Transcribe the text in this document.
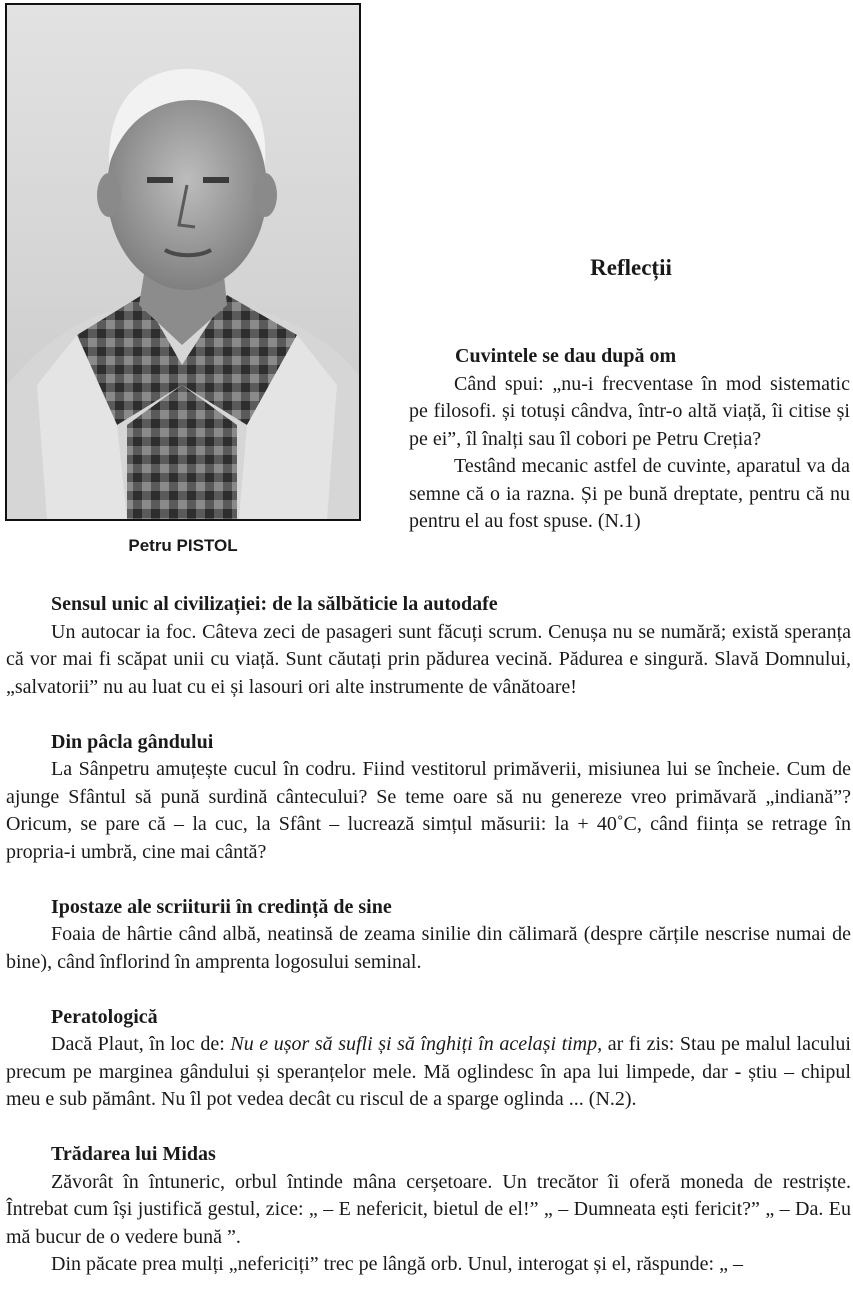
Petru PISTOL
Reflecții
Cuvintele se dau după om

Când spui: „nu-i frecventase în mod sistematic pe filosofi. și totuși cândva, într-o altă viață, îi citise și pe ei”, îl înalți sau îl cobori pe Petru Creția?

Testând mecanic astfel de cuvinte, aparatul va da semne că o ia razna. Și pe bună dreptate, pentru că nu pentru el au fost spuse. (N.1)

Sensul unic al civilizației: de la sălbăticie la autodafe

Un autocar ia foc. Câteva zeci de pasageri sunt făcuți scrum. Cenușa nu se numără; există speranța că vor mai fi scăpat unii cu viață. Sunt căutați prin pădurea vecină. Pădurea e singură. Slavă Domnului, „salvatorii” nu au luat cu ei și lasouri ori alte instrumente de vânătoare!

Din pâcla gândului

La Sânpetru amuțește cucul în codru. Fiind vestitorul primăverii, misiunea lui se încheie. Cum de ajunge Sfântul să pună surdină cântecului? Se teme oare să nu genereze vreo primăvară „indiană”? Oricum, se pare că – la cuc, la Sfânt – lucrează simțul măsurii: la + 40˚C, când ființa se retrage în propria-i umbră, cine mai cântă?

Ipostaze ale scriiturii în credință de sine

Foaia de hârtie când albă, neatinsă de zeama sinilie din călimară (despre cărțile nescrise numai de bine), când înflorind în amprenta logosului seminal.

Peratologică

Dacă Plaut, în loc de: Nu e ușor să sufli și să înghiți în același timp, ar fi zis: Stau pe malul lacului precum pe marginea gândului și speranțelor mele. Mă oglindesc în apa lui limpede, dar - știu – chipul meu e sub pământ. Nu îl pot vedea decât cu riscul de a sparge oglinda ... (N.2).

Trădarea lui Midas

Zăvorât în întuneric, orbul întinde mâna cerșetoare. Un trecător îi oferă moneda de restriște. Întrebat cum își justifică gestul, zice: „ – E nefericit, bietul de el!” „ – Dumneata ești fericit?” „ – Da. Eu mă bucur de o vedere bună ”.

Din păcate prea mulți „nefericiți” trec pe lângă orb. Unul, interogat și el, răspunde: „ –
